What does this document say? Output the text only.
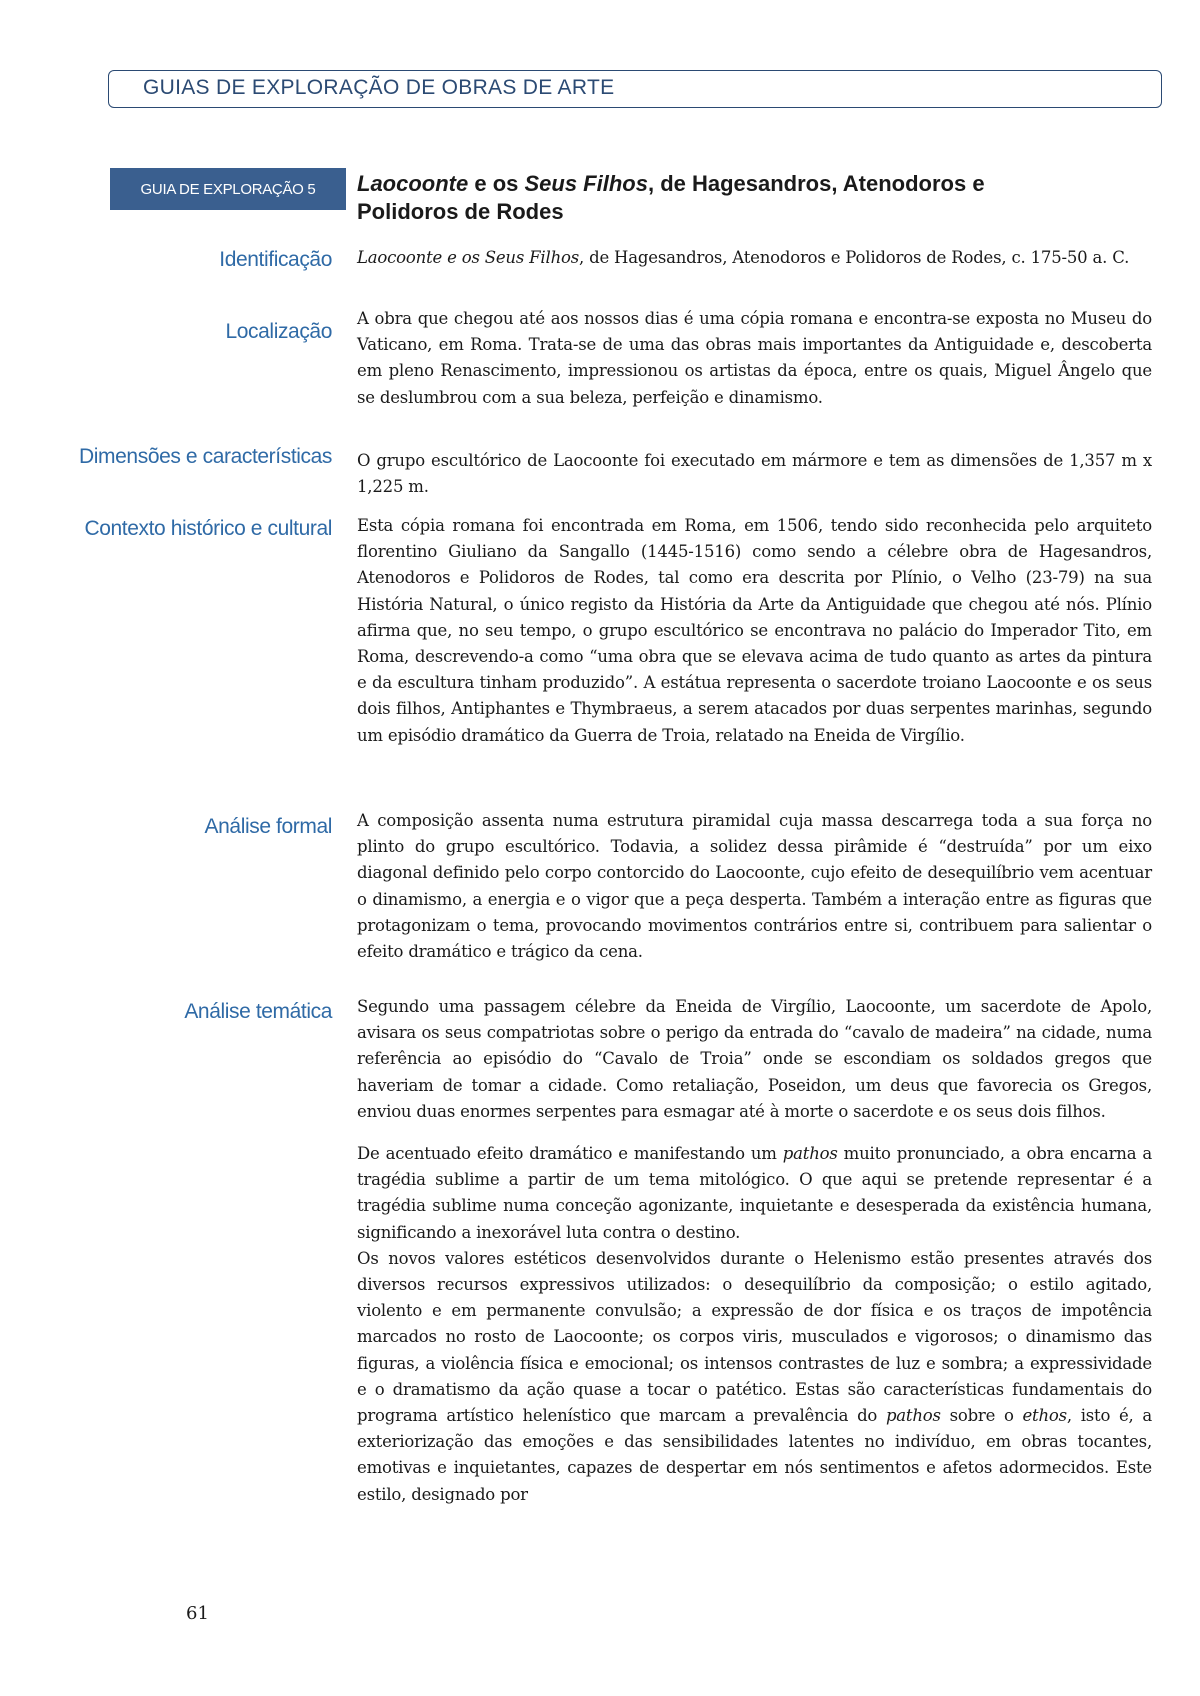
GUIAS DE EXPLORAÇÃO DE OBRAS DE ARTE
GUIA DE EXPLORAÇÃO 5	Laocoonte e os Seus Filhos, de Hagesandros, Atenodoros e Polidoros de Rodes
Identificação Laocoonte e os Seus Filhos, de Hagesandros, Atenodoros e Polidoros de Rodes, c. 175-50 a. C.

Localização

A obra que chegou até aos nossos dias é uma cópia romana e encontra-se exposta no Museu do Vaticano, em Roma. Trata-se de uma das obras mais importantes da Antiguidade e, descoberta em pleno Renascimento, impressionou os artistas da época, entre os quais, Miguel Ângelo que se deslumbrou com a sua beleza, perfeição e dinamismo.

Dimensões e características O grupo escultórico de Laocoonte foi executado em mármore e tem as dimensões de 1,357 m x 1,225 m.

Contexto histórico e cultural Esta cópia romana foi encontrada em Roma, em 1506, tendo sido reconhecida pelo arquiteto florentino Giuliano da Sangallo (1445-1516) como sendo a célebre obra de Hagesandros, Atenodoros e Polidoros de Rodes, tal como era descrita por Plínio, o Velho (23-79) na sua História Natural, o único registo da História da Arte da Antiguidade que chegou até nós. Plínio afirma que, no seu tempo, o grupo escultórico se encontrava no palácio do Imperador Tito, em Roma, descrevendo-a como “uma obra que se elevava acima de tudo quanto as artes da pintura e da escultura tinham produzido”. A estátua representa o sacerdote troiano Laocoonte e os seus dois filhos, Antiphantes e Thymbraeus, a serem atacados por duas serpentes marinhas, segundo um episódio dramático da Guerra de Troia, relatado na Eneida de Virgílio.

Análise formal A composição assenta numa estrutura piramidal cuja massa descarrega toda a sua força no plinto do grupo escultórico. Todavia, a solidez dessa pirâmide é “destruída” por um eixo diagonal definido pelo corpo contorcido do Laocoonte, cujo efeito de desequilíbrio vem acentuar o dinamismo, a energia e o vigor que a peça desperta. Também a interação entre as figuras que protagonizam o tema, provocando movimentos contrários entre si, contribuem para salientar o efeito dramático e trágico da cena.

Análise temática Segundo uma passagem célebre da Eneida de Virgílio, Laocoonte, um sacerdote de Apolo, avisara os seus compatriotas sobre o perigo da entrada do “cavalo de madeira” na cidade, numa referência ao episódio do “Cavalo de Troia” onde se escondiam os soldados gregos que haveriam de tomar a cidade. Como retaliação, Poseidon, um deus que favorecia os Gregos, enviou duas enormes serpentes para esmagar até à morte o sacerdote e os seus dois filhos.

De acentuado efeito dramático e manifestando um pathos muito pronunciado, a obra encarna a tragédia sublime a partir de um tema mitológico. O que aqui se pretende representar é a tragédia sublime numa conceção agonizante, inquietante e desesperada da existência humana, significando a inexorável luta contra o destino.

Os novos valores estéticos desenvolvidos durante o Helenismo estão presentes através dos diversos recursos expressivos utilizados: o desequilíbrio da composição; o estilo agitado, violento e em permanente convulsão; a expressão de dor física e os traços de impotência marcados no rosto de Laocoonte; os corpos viris, musculados e vigorosos; o dinamismo das figuras, a violência física e emocional; os intensos contrastes de luz e sombra; a expressividade e o dramatismo da ação quase a tocar o patético. Estas são características fundamentais do programa artístico helenístico que marcam a prevalência do pathos sobre o ethos, isto é, a exteriorização das emoções e das sensibilidades latentes no indivíduo, em obras tocantes, emotivas e inquietantes, capazes de despertar em nós sentimentos e afetos adormecidos. Este estilo, designado por

61
